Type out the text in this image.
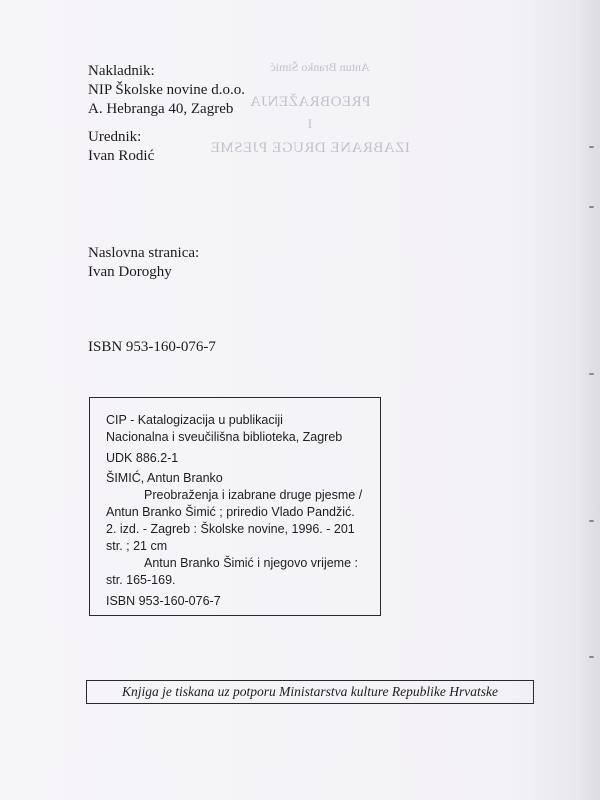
Antun Branko Šimić
PREOBRAŽENJA
I
IZABRANE DRUGE PJESME
Nakladnik:
NIP Školske novine d.o.o.
A. Hebranga 40, Zagreb
Urednik:
Ivan Rodić
Naslovna stranica:
Ivan Doroghy
ISBN 953-160-076-7
CIP - Katalogizacija u publikaciji
Nacionalna i sveučilišna biblioteka, Zagreb
UDK 886.2-1
ŠIMIĆ, Antun Branko
Preobraženja i izabrane druge pjesme /
Antun Branko Šimić ; priredio Vlado Pandžić.
2. izd. - Zagreb : Školske novine, 1996. - 201
str. ; 21 cm
Antun Branko Šimić i njegovo vrijeme :
str. 165-169.
ISBN 953-160-076-7
Knjiga je tiskana uz potporu Ministarstva kulture Republike Hrvatske
